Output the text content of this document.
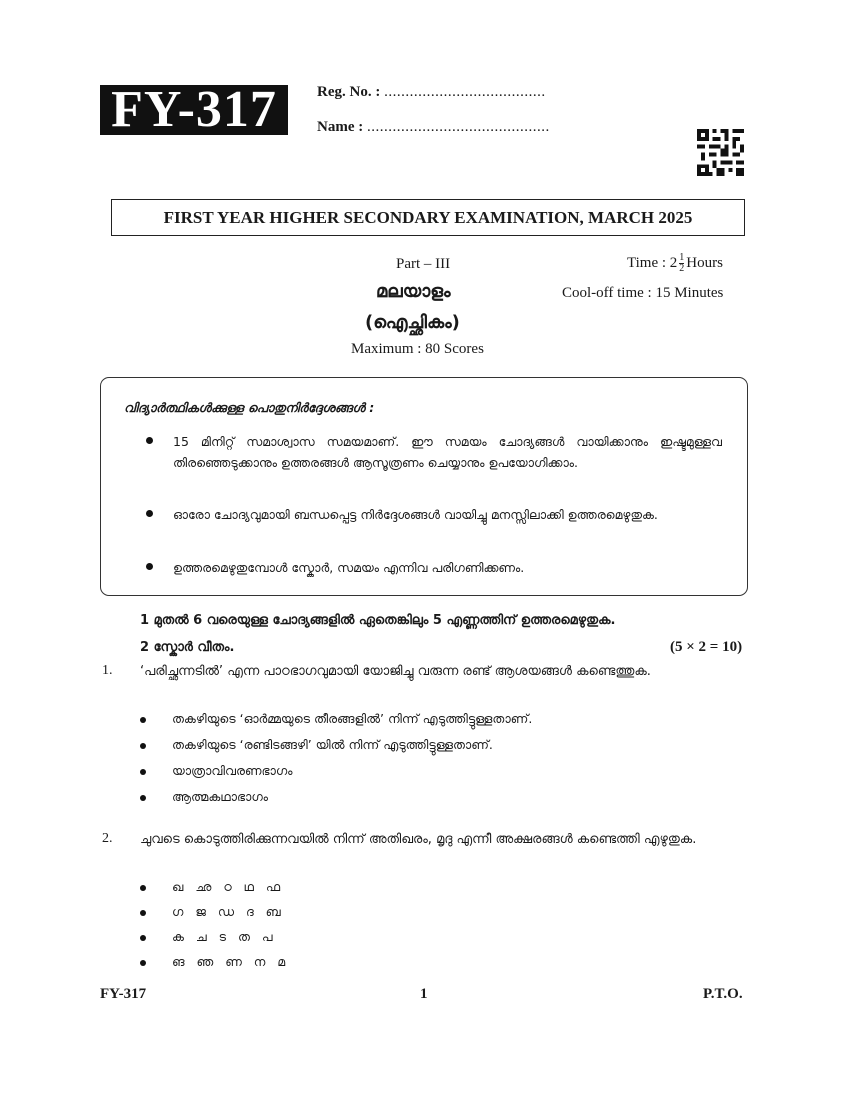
FY-317	Reg. No. : ......................................
Name : ...........................................
FIRST YEAR HIGHER SECONDARY EXAMINATION, MARCH 2025
Part – III	Time : $2 \frac{1}{2}$ Hours
മലയാളം	Cool-off time : 15 Minutes
(ഐച്ഛികം)
Maximum : 80 Scores
വിദ്യാർത്ഥികൾക്കുള്ള പൊതുനിർദ്ദേശങ്ങൾ :
15 മിനിറ്റ് സമാശ്വാസ സമയമാണ്. ഈ സമയം ചോദ്യങ്ങൾ വായിക്കാനും ഇഷ്ടമുള്ളവ തിരഞ്ഞെടുക്കാനും ഉത്തരങ്ങൾ ആസൂത്രണം ചെയ്യാനും ഉപയോഗിക്കാം.
ഓരോ ചോദ്യവുമായി ബന്ധപ്പെട്ട നിർദ്ദേശങ്ങൾ വായിച്ചു മനസ്സിലാക്കി ഉത്തരമെഴുതുക.
ഉത്തരമെഴുതുമ്പോൾ സ്കോർ, സമയം എന്നിവ പരിഗണിക്കണം.
1 മുതൽ 6 വരെയുള്ള ചോദ്യങ്ങളിൽ ഏതെങ്കിലും 5 എണ്ണത്തിന് ഉത്തരമെഴുതുക.
2 സ്കോർ വീതം.	(5 × 2 = 10)
1. ‘പരിച്ഛന്നടിൽ’ എന്ന പാഠഭാഗവുമായി യോജിച്ചു വരുന്ന രണ്ട് ആശയങ്ങൾ കണ്ടെത്തുക.
തകഴിയുടെ ‘ഓർമ്മയുടെ തീരങ്ങളിൽ’ നിന്ന് എടുത്തിട്ടുള്ളതാണ്.
തകഴിയുടെ ‘രണ്ടിടങ്ങഴി’ യിൽ നിന്ന് എടുത്തിട്ടുള്ളതാണ്.
യാത്രാവിവരണഭാഗം
ആത്മകഥാഭാഗം
2. ചുവടെ കൊടുത്തിരിക്കുന്നവയിൽ നിന്ന് അതിഖരം, മൃദു എന്നീ അക്ഷരങ്ങൾ കണ്ടെത്തി എഴുതുക.
ഖ ഛ ഠ ഥ ഫ
ഗ ജ ഡ ദ ബ
ക ച ട ത പ
ങ ഞ ണ ന മ
FY-317	1	P.T.O.
